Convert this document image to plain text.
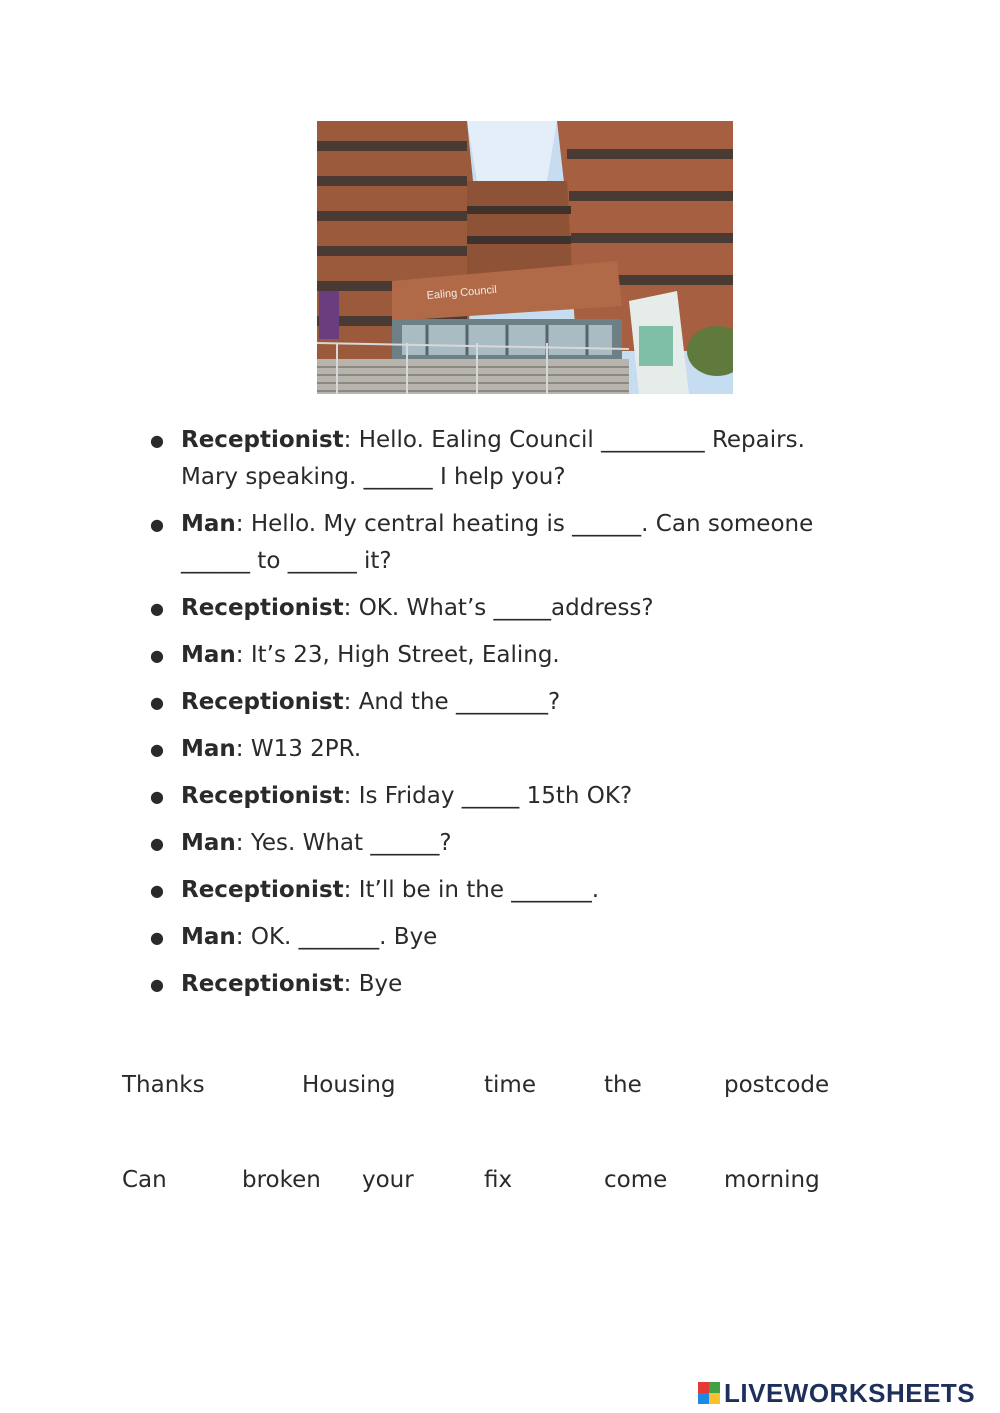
Ealing Council
● Receptionist: Hello. Ealing Council _________ Repairs.
Mary speaking. ______ I help you?
● Man: Hello. My central heating is ______. Can someone
______ to ______ it?
● Receptionist: OK. What’s _____address?
● Man: It’s 23, High Street, Ealing.
● Receptionist: And the ________?
● Man: W13 2PR.
● Receptionist: Is Friday _____ 15th OK?
● Man: Yes. What ______?
● Receptionist: It’ll be in the _______.
● Man: OK. _______. Bye
● Receptionist: Bye
Thanks	Housing	time	the	postcode
Can	broken your	fix	come morning
LIVEWORKSHEETS
